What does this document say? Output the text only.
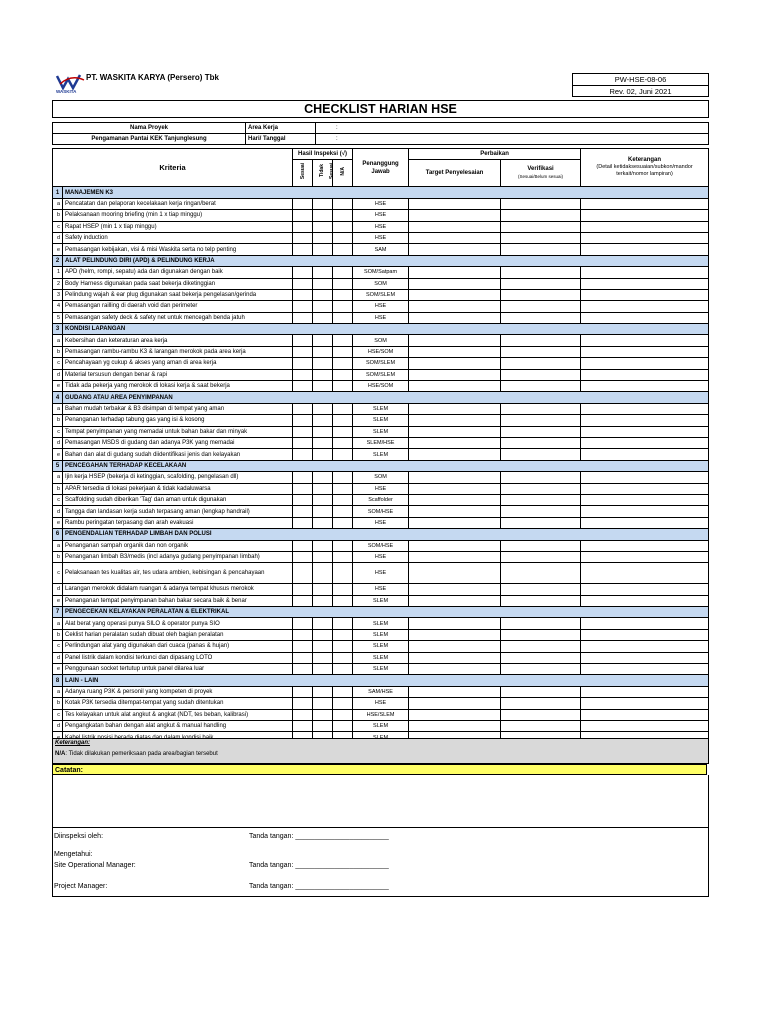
WASKITA
PT. WASKITA KARYA (Persero) Tbk	PW-HSE-08-06
Rev. 02, Juni 2021
CHECKLIST HARIAN HSE
Nama Proyek	Area Kerja	:
Pengamanan Pantai KEK Tanjunglesung	Hari/ Tanggal	:
Kriteria		Hasil Inspeksi (√)			Penanggung Jawab	Perbaikan		Keterangan
(Detail ketidaksesuaian/subkon/mandor terkait/nomor lampiran)
		Sesuai	Tidak Sesuai	N/A		Target Penyelesaian	Verifikasi
(Sesuai/Belum sesuai)	
1	MANAJEMEN K3							
a	Pencatatan dan pelaporan kecelakaan kerja ringan/berat				HSE			
b	Pelaksanaan mooring briefing (min 1 x tiap minggu)				HSE			
c	Rapat HSEP (min 1 x tiap minggu)				HSE			
d	Safety induction				HSE			
e	Pemasangan kebijakan, visi & misi Waskita serta no telp penting				SAM			
2	ALAT PELINDUNG DIRI (APD) & PELINDUNG KERJA							
1	APD (helm, rompi, sepatu) ada dan digunakan dengan baik				SOM/Satpam			
2	Body Harness digunakan pada saat bekerja diketinggian				SOM			
3	Pelindung wajah & ear plug digunakan saat bekerja pengelasan/gerinda				SOM/SLEM			
4	Pemasangan railling di daerah void dan perimeter				HSE			
5	Pemasangan safety deck & safety net untuk mencegah benda jatuh				HSE			
3	KONDISI LAPANGAN							
a	Kebersihan dan keteraturan area kerja				SOM			
b	Pemasangan rambu-rambu K3 & larangan merokok pada area kerja				HSE/SOM			
c	Pencahayaan yg cukup & akses yang aman di area kerja				SOM/SLEM			
d	Material tersusun dengan benar & rapi				SOM/SLEM			
e	Tidak ada pekerja yang merokok di lokasi kerja & saat bekerja				HSE/SOM			
4	GUDANG ATAU AREA PENYIMPANAN							
a	Bahan mudah terbakar & B3 disimpan di tempat yang aman				SLEM			
b	Penanganan terhadap tabung gas yang isi & kosong				SLEM			
c	Tempat penyimpanan yang memadai untuk bahan bakar dan minyak				SLEM			
d	Pemasangan MSDS di gudang dan adanya P3K yang memadai				SLEM/HSE			
e	Bahan dan alat di gudang sudah diidentifikasi jenis dan kelayakan				SLEM			
5	PENCEGAHAN TERHADAP KECELAKAAN							
a	Ijin kerja HSEP (bekerja di ketinggian, scafolding, pengelasan dll)				SOM			
b	APAR tersedia di lokasi pekerjaan & tidak kadaluwarsa				HSE			
c	Scaffolding sudah diberikan 'Tag' dan aman untuk digunakan				Scaffolder			
d	Tangga dan landasan kerja sudah terpasang aman (lengkap handrail)				SOM/HSE			
e	Rambu peringatan terpasang dan arah evakuasi				HSE			
6	PENGENDALIAN TERHADAP LIMBAH DAN POLUSI							
a	Penanganan sampah organik dan non organik				SOM/HSE			
b	Penanganan limbah B3/medis (incl adanya gudang penyimpanan limbah)				HSE			
c	Pelaksanaan tes kualitas air, tes udara ambien, kebisingan & pencahayaan				HSE			
d	Larangan merokok didalam ruangan & adanya tempat khusus merokok				HSE			
e	Penanganan tempat penyimpanan bahan bakar secara baik & benar				SLEM			
7	PENGECEKAN KELAYAKAN PERALATAN & ELEKTRIKAL							
a	Alat berat yang operasi punya SILO & operator punya SIO				SLEM			
b	Ceklist harian peralatan sudah dibuat oleh bagian peralatan				SLEM			
c	Perlindungan alat yang digunakan dari cuaca (panas & hujan)				SLEM			
d	Panel listrik dalam kondisi terkunci dan dipasang LOTO				SLEM			
e	Penggunaan socket tertutup untuk panel dilarea luar				SLEM			
8	LAIN - LAIN							
a	Adanya ruang P3K & personil yang kompeten di proyek				SAM/HSE			
b	Kotak P3K tersedia ditempat-tempat yang sudah ditentukan				HSE			
c	Tes kelayakan untuk alat angkut & angkat (NDT, tes beban, kalibrasi)				HSE/SLEM			
d	Pengangkatan bahan dengan alat angkut & manual handling				SLEM			

Keterangan:
N/A: Tidak dilakukan pemeriksaan pada area/bagian tersebut
Catatan:
Diinspeksi oleh:	Tanda tangan: ________________________
Mengetahui:
Site Operational Manager:	Tanda tangan: ________________________
Project Manager:	Tanda tangan: ________________________
